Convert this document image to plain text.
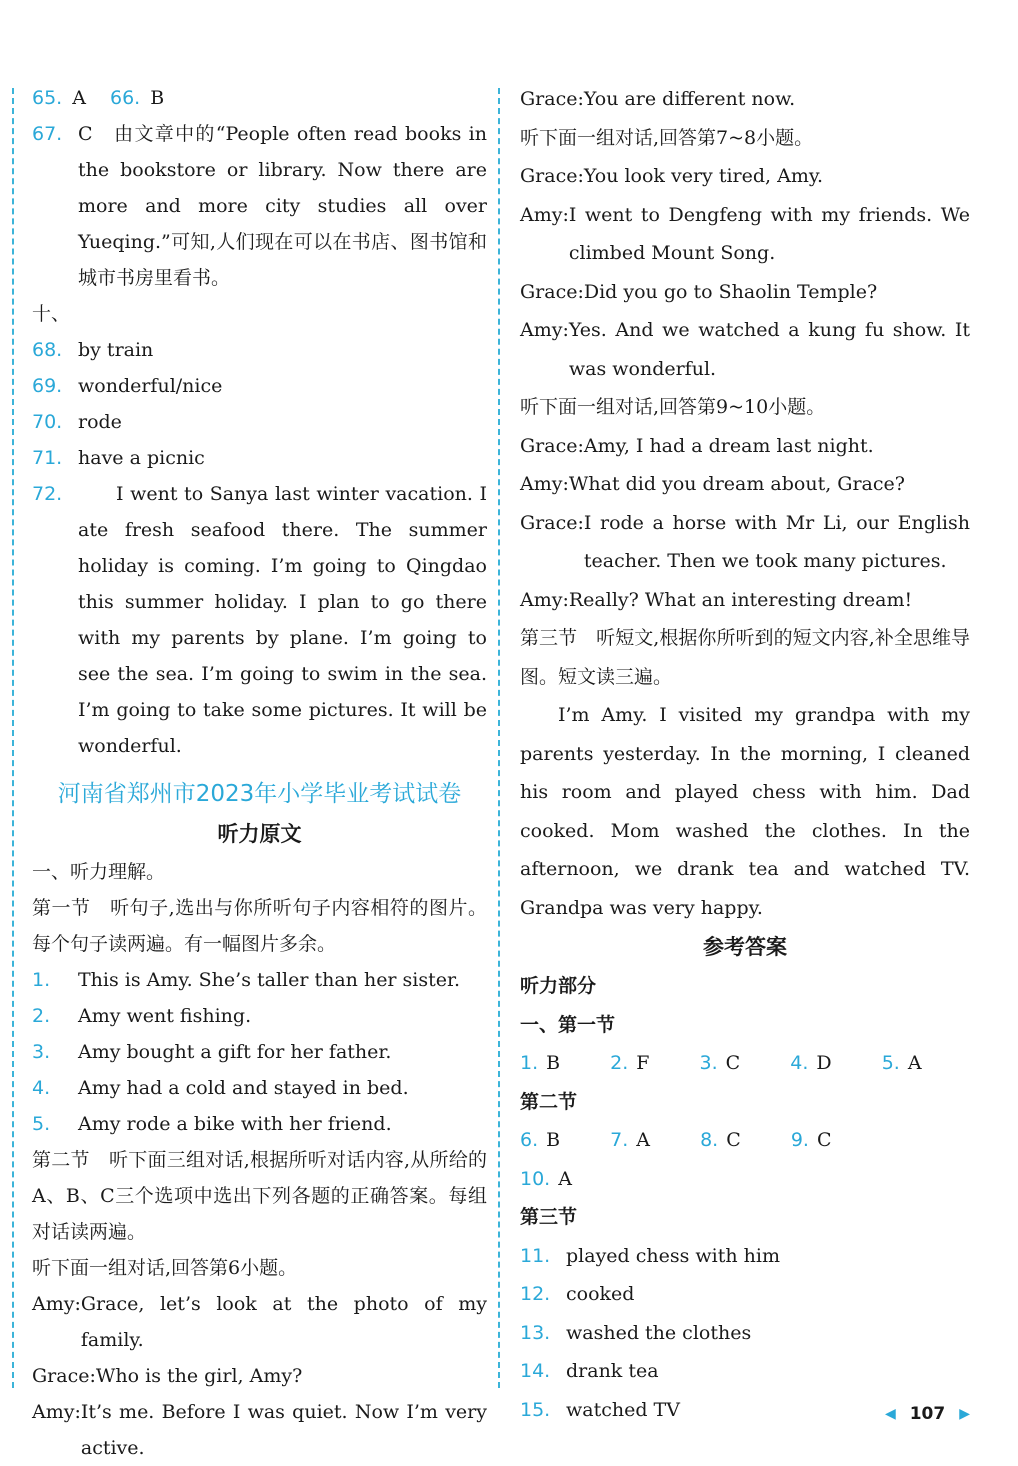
65. A 66. B
67. C　由文章中的“People often read books in the bookstore or library. Now there are more and more city studies all over Yueqing.”可知,人们现在可以在书店、图书馆和城市书房里看书。
十、
68. by train
69. wonderful/nice
70. rode
71. have a picnic
72.	I went to Sanya last winter vacation. I ate fresh seafood there. The summer holiday is coming. I’m going to Qingdao this summer holiday. I plan to go there with my parents by plane. I’m going to see the sea. I’m going to swim in the sea. I’m going to take some pictures. It will be wonderful.
河南省郑州市2023年小学毕业考试试卷
听力原文
一、听力理解。
第一节　听句子,选出与你所听句子内容相符的图片。每个句子读两遍。有一幅图片多余。
1.	This is Amy. She’s taller than her sister.
2.	Amy went fishing.
3.	Amy bought a gift for her father.
4.	Amy had a cold and stayed in bed.
5.	Amy rode a bike with her friend.
第二节　听下面三组对话,根据所听对话内容,从所给的A、B、C三个选项中选出下列各题的正确答案。每组对话读两遍。
听下面一组对话,回答第6小题。
Amy: Grace, let’s look at the photo of my family.
Grace: Who is the girl, Amy?
Amy: It’s me. Before I was quiet. Now I’m very active.
Grace: You are different now.
听下面一组对话,回答第7~8小题。
Grace: You look very tired, Amy.
Amy: I went to Dengfeng with my friends. We climbed Mount Song.
Grace: Did you go to Shaolin Temple?
Amy: Yes. And we watched a kung fu show. It was wonderful.
听下面一组对话,回答第9~10小题。
Grace: Amy, I had a dream last night.
Amy: What did you dream about, Grace?
Grace: I rode a horse with Mr Li, our English teacher. Then we took many pictures.
Amy: Really? What an interesting dream!
第三节　听短文,根据你所听到的短文内容,补全思维导图。短文读三遍。
I’m Amy. I visited my grandpa with my parents yesterday. In the morning, I cleaned his room and played chess with him. Dad cooked. Mom washed the clothes. In the afternoon, we drank tea and watched TV. Grandpa was very happy.
参考答案
听力部分
一、第一节
1. B	2. F	3. C	4. D	5. A
第二节
6. B	7. A	8. C	9. C 10. A
第三节
11. played chess with him
12. cooked
13. washed the clothes
14. drank tea
15. watched TV	◀ 107 ▶
